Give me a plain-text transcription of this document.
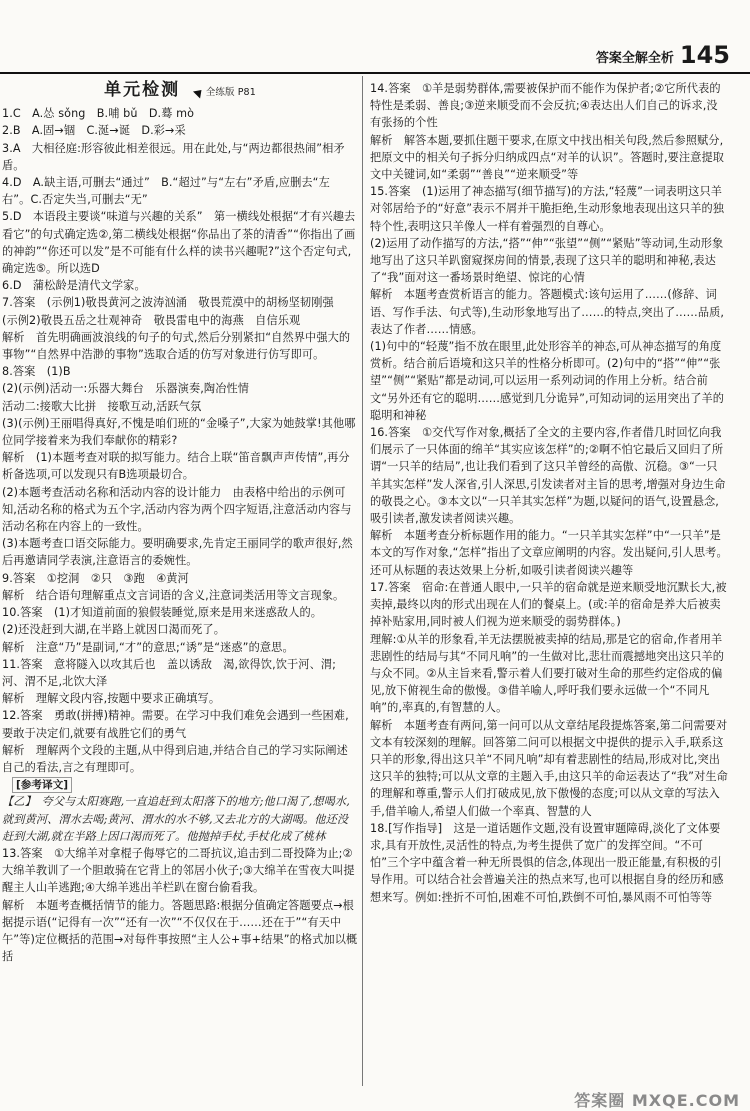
答案全解全析 145
单元检测	全练版 P81

1.C　A.怂 sǒng　B.哺 bǔ　D.蓦 mò

2.B　A.固→锢　C.涎→诞　D.彩→采

3.A　大相径庭:形容彼此相差很远。用在此处,与“两边都很热闹”相矛盾。

4.D　A.缺主语,可删去“通过”　B.“超过”与“左右”矛盾,应删去“左右”。C.否定失当,可删去“无”

5.D　本语段主要谈“味道与兴趣的关系”　第一横线处根据“才有兴趣去看它”的句式确定选②,第二横线处根据“你品出了茶的清香”“你指出了画的神韵”“你还可以发”是不可能有什么样的读书兴趣呢?”这个否定句式,确定选⑤。所以选D

6.D　蒲松龄是清代文学家。

7.答案　(示例1)敬畏黄河之波涛汹涌　敬畏荒漠中的胡杨坚韧刚强

(示例2)敬畏五岳之壮观神奇　敬畏雷电中的海燕　自信乐观

解析　首先明确画波浪线的句子的句式,然后分别紧扣“自然界中强大的事物”“自然界中浩渺的事物”选取合适的仿写对象进行仿写即可。

8.答案　(1)B

(2)(示例)活动一:乐器大舞台　乐器演奏,陶冶性情

活动二:接歌大比拼　接歌互动,活跃气氛

(3)(示例)王丽唱得真好,不愧是咱们班的“金嗓子”,大家为她鼓掌!其他哪位同学接着来为我们奉献你的精彩?

解析　(1)本题考查对联的拟写能力。结合上联“笛音飘声声传情”,再分析备选项,可以发现只有B选项最切合。

(2)本题考查活动名称和活动内容的设计能力　由表格中给出的示例可知,活动名称的格式为五个字,活动内容为两个四字短语,注意活动内容与活动名称在内容上的一致性。

(3)本题考查口语交际能力。要明确要求,先肯定王丽同学的歌声很好,然后再邀请同学表演,注意语言的委婉性。

9.答案　①挖洞　②只　③跑　④黄河

解析　结合语句理解重点文言词语的含义,注意词类活用等文言现象。

10.答案　(1)才知道前面的狼假装睡觉,原来是用来迷惑敌人的。

(2)还没赶到大湖,在半路上就因口渴而死了。

解析　注意“乃”是副词,“才”的意思;“诱”是“迷惑”的意思。

11.答案　意将隧入以攻其后也　盖以诱敌　渴,欲得饮,饮于河、渭;河、渭不足,北饮大泽

解析　理解文段内容,按题中要求正确填写。

12.答案　勇敢(拼搏)精神。需要。在学习中我们难免会遇到一些困难,要敢于决定们,就要有战胜它们的勇气

解析　理解两个文段的主题,从中得到启迪,并结合自己的学习实际阐述自己的看法,言之有理即可。

[参考译文]

【乙】　夸父与太阳赛跑,一直追赶到太阳落下的地方;他口渴了,想喝水,就到黄河、渭水去喝;黄河、渭水的水不够,又去北方的大湖喝。他还没赶到大湖,就在半路上因口渴而死了。他抛掉手杖,手杖化成了桃林

13.答案　①大绵羊对拿棍子侮辱它的二哥抗议,追击到二哥投降为止;②大绵羊教训了一个胆敢骑在它背上的邻居小伙子;③大绵羊在雪夜大叫提醒主人山羊逃跑;④大绵羊逃出羊栏趴在窗台偷看我。

解析　本题考查概括情节的能力。答题思路:根据分值确定答题要点→根据提示语(“记得有一次”“还有一次”“不仅仅在于……还在于”“有天中午”等)定位概括的范围→对每件事按照“主人公+事+结果”的格式加以概括

14.答案　①羊是弱势群体,需要被保护而不能作为保护者;②它所代表的特性是柔弱、善良;③逆来顺受而不会反抗;④表达出人们自己的诉求,没有张扬的个性

解析　解答本题,要抓住题干要求,在原文中找出相关句段,然后参照赋分,把原文中的相关句子拆分归纳成四点“对羊的认识”。答题时,要注意提取文中关键词,如“柔弱”“善良”“逆来顺受”等

15.答案　(1)运用了神态描写(细节描写)的方法,“轻蔑”一词表明这只羊对邻居给予的“好意”表示不屑并干脆拒绝,生动形象地表现出这只羊的独特个性,表明这只羊像人一样有着强烈的自尊心。

(2)运用了动作描写的方法,“搭”“伸”“张望”“侧”“紧贴”等动词,生动形象地写出了这只羊趴窗窥探房间的情景,表现了这只羊的聪明和神秘,表达了“我”面对这一番场景时绝望、惊诧的心情

解析　本题考查赏析语言的能力。答题模式:该句运用了……(修辞、词语、写作手法、句式等),生动形象地写出了……的特点,突出了……品质,表达了作者……情感。

(1)句中的“轻蔑”指不放在眼里,此处形容羊的神态,可从神态描写的角度赏析。结合前后语境和这只羊的性格分析即可。(2)句中的“搭”“伸”“张望”“侧”“紧贴”都是动词,可以运用一系列动词的作用上分析。结合前文“另外还有它的聪明……感觉到几分诡异”,可知动词的运用突出了羊的聪明和神秘

16.答案　①交代写作对象,概括了全文的主要内容,作者借几时回忆向我们展示了一只体面的绵羊“其实应该怎样”的;②啊不怕它最后又回归了所谓“一只羊的结局”,也让我们看到了这只羊曾经的高傲、沉稳。③“一只羊其实怎样”发人深省,引人深思,引发读者对主旨的思考,增强对身边生命的敬畏之心。③本文以“一只羊其实怎样”为题,以疑问的语气,设置悬念,吸引读者,激发读者阅读兴趣。

解析　本题考查分析标题作用的能力。“一只羊其实怎样”中“一只羊”是本文的写作对象,“怎样”指出了文章应阐明的内容。发出疑问,引人思考。还可从标题的表达效果上分析,如吸引读者阅读兴趣等

17.答案　宿命:在普通人眼中,一只羊的宿命就是逆来顺受地沉默长大,被卖掉,最终以肉的形式出现在人们的餐桌上。(或:羊的宿命是养大后被卖掉补贴家用,同时被人们视为逆来顺受的弱势群体。)

理解:①从羊的形象看,羊无法摆脱被卖掉的结局,那是它的宿命,作者用羊悲剧性的结局与其“不同凡响”的一生做对比,悲壮而震撼地突出这只羊的与众不同。②从主旨来看,警示着人们要打破对生命的那些约定俗成的偏见,放下俯视生命的傲慢。③借羊喻人,呼吁我们要永远做一个“不同凡响”的,率真的,有智慧的人。

解析　本题考查有两问,第一问可以从文章结尾段提炼答案,第二问需要对文本有较深刻的理解。回答第二问可以根据文中提供的提示入手,联系这只羊的形象,得出这只羊“不同凡响”却有着悲剧性的结局,形成对比,突出这只羊的独特;可以从文章的主题入手,由这只羊的命运表达了“我”对生命的理解和尊重,警示人们打破成见,放下傲慢的态度;可以从文章的写法入手,借羊喻人,希望人们做一个率真、智慧的人

18.[写作指导]　这是一道话题作文题,没有设置审题障碍,淡化了文体要求,具有开放性,灵活性的特点,为考生提供了宽广的发挥空间。“不可怕”三个字中蕴含着一种无所畏惧的信念,体现出一股正能量,有积极的引导作用。可以结合社会普遍关注的热点来写,也可以根据自身的经历和感想来写。例如:挫折不可怕,困难不可怕,跌倒不可怕,暴风雨不可怕等等

答案圈 MXQE.COM
